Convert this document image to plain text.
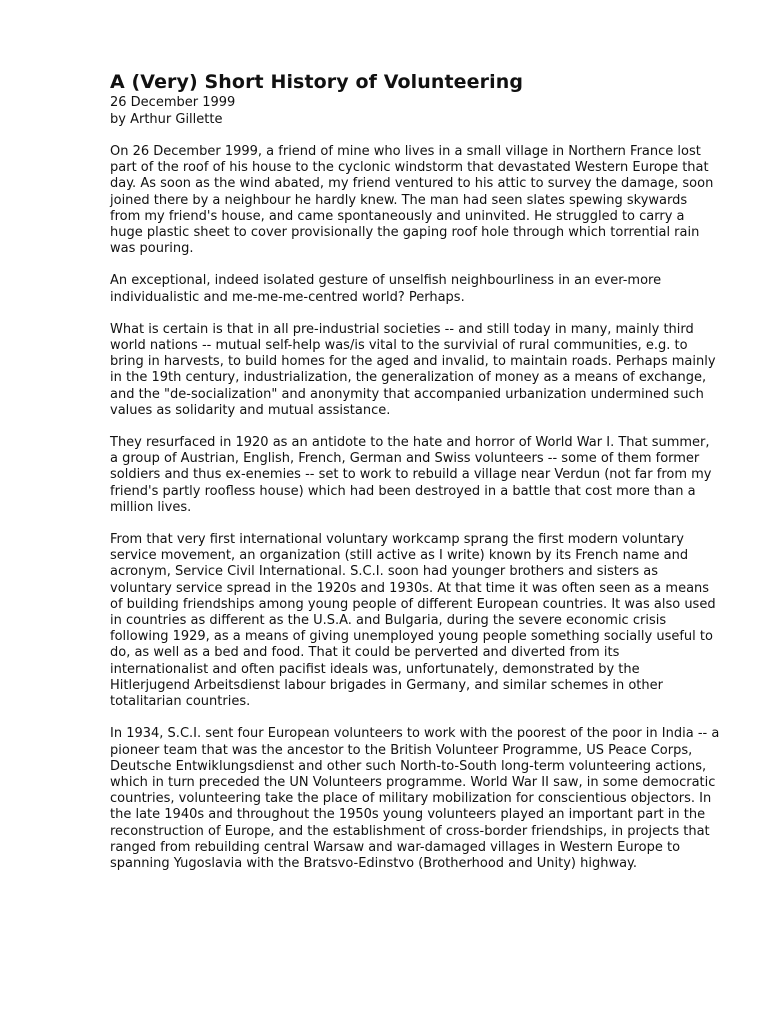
A (Very) Short History of Volunteering
26 December 1999
by Arthur Gillette

On 26 December 1999, a friend of mine who lives in a small village in Northern France lost part of the roof of his house to the cyclonic windstorm that devastated Western Europe that day. As soon as the wind abated, my friend ventured to his attic to survey the damage, soon joined there by a neighbour he hardly knew. The man had seen slates spewing skywards from my friend's house, and came spontaneously and uninvited. He struggled to carry a huge plastic sheet to cover provisionally the gaping roof hole through which torrential rain was pouring.

An exceptional, indeed isolated gesture of unselfish neighbourliness in an ever-more individualistic and me-me-me-centred world? Perhaps.

What is certain is that in all pre-industrial societies -- and still today in many, mainly third world nations -- mutual self-help was/is vital to the survivial of rural communities, e.g. to bring in harvests, to build homes for the aged and invalid, to maintain roads. Perhaps mainly in the 19th century, industrialization, the generalization of money as a means of exchange, and the "de-socialization" and anonymity that accompanied urbanization undermined such values as solidarity and mutual assistance.

They resurfaced in 1920 as an antidote to the hate and horror of World War I. That summer, a group of Austrian, English, French, German and Swiss volunteers -- some of them former soldiers and thus ex-enemies -- set to work to rebuild a village near Verdun (not far from my friend's partly roofless house) which had been destroyed in a battle that cost more than a million lives.

From that very first international voluntary workcamp sprang the first modern voluntary service movement, an organization (still active as I write) known by its French name and acronym, Service Civil International. S.C.I. soon had younger brothers and sisters as voluntary service spread in the 1920s and 1930s. At that time it was often seen as a means of building friendships among young people of different European countries. It was also used in countries as different as the U.S.A. and Bulgaria, during the severe economic crisis following 1929, as a means of giving unemployed young people something socially useful to do, as well as a bed and food. That it could be perverted and diverted from its internationalist and often pacifist ideals was, unfortunately, demonstrated by the Hitlerjugend Arbeitsdienst labour brigades in Germany, and similar schemes in other totalitarian countries.

In 1934, S.C.I. sent four European volunteers to work with the poorest of the poor in India -- a pioneer team that was the ancestor to the British Volunteer Programme, US Peace Corps, Deutsche Entwiklungsdienst and other such North-to-South long-term volunteering actions, which in turn preceded the UN Volunteers programme. World War II saw, in some democratic countries, volunteering take the place of military mobilization for conscientious objectors. In the late 1940s and throughout the 1950s young volunteers played an important part in the reconstruction of Europe, and the establishment of cross-border friendships, in projects that ranged from rebuilding central Warsaw and war-damaged villages in Western Europe to spanning Yugoslavia with the Bratsvo-Edinstvo (Brotherhood and Unity) highway.
